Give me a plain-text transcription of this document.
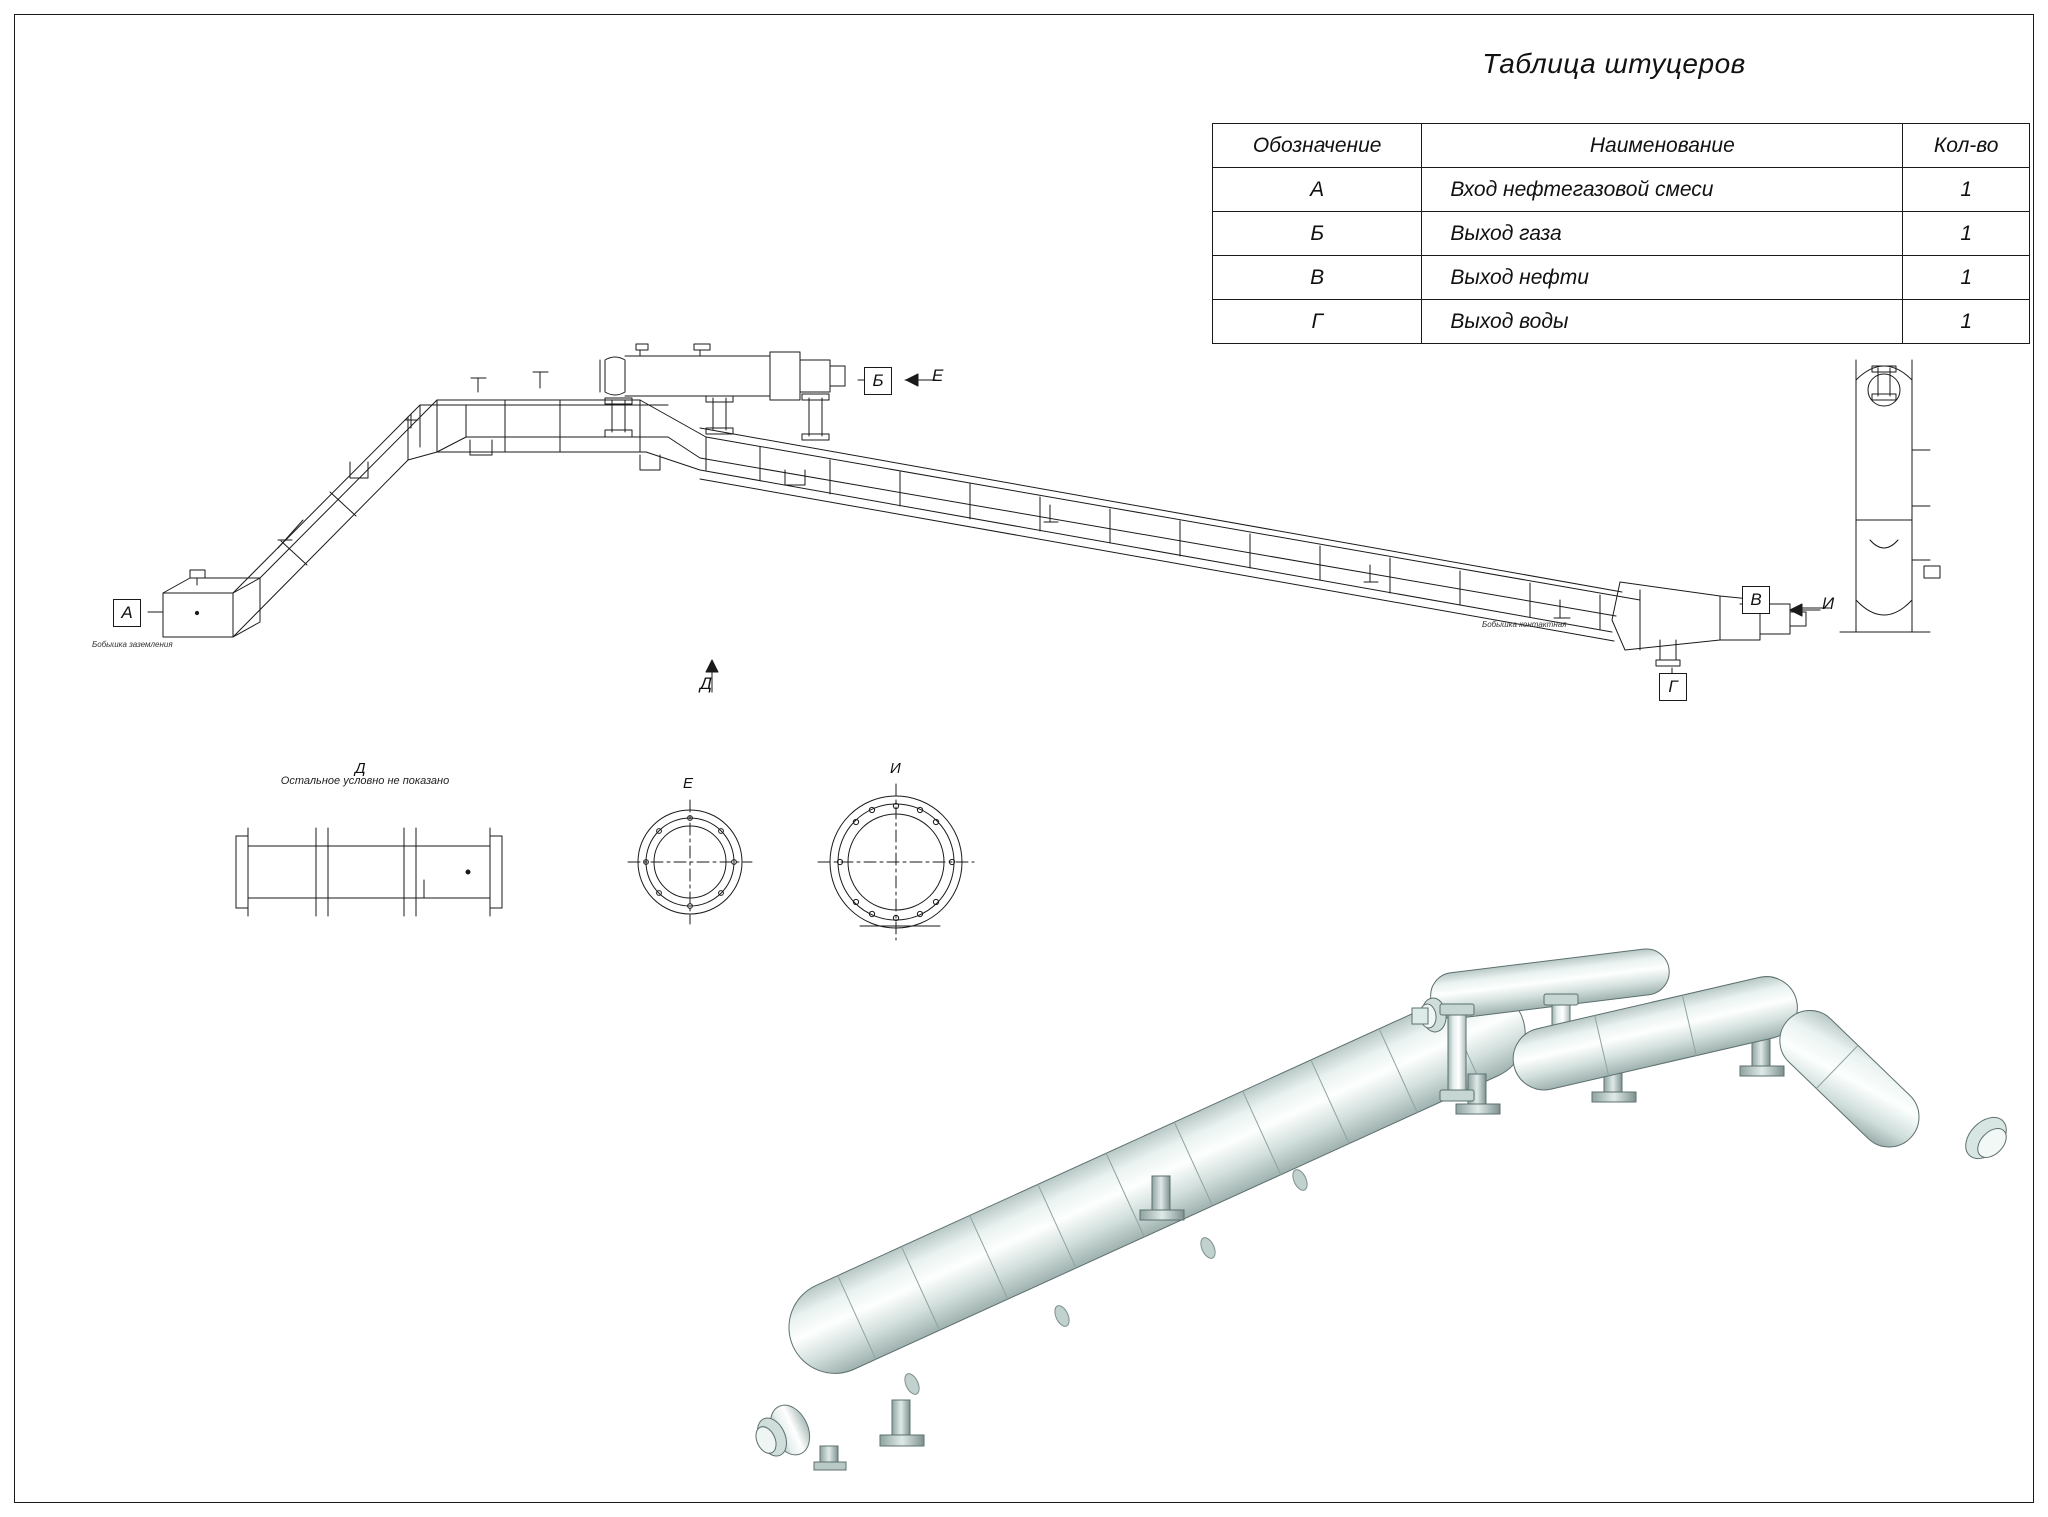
Таблица штуцеров
Обозначение	Наименование	Кол-во
А	Вход нефтегазовой смеси	1
Б	Выход газа	1
В	Выход нефти	1
Г	Выход воды	1
А
Б
В
Г
Е
И
Д
Бобышка заземления
Бобышка контактная
Д
Остальное условно не показано	Е
И
